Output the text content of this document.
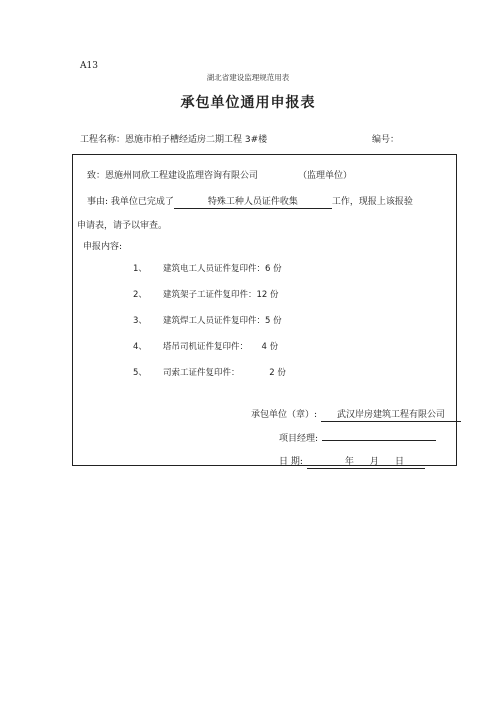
A13
湖北省建设监理规范用表
承包单位通用申报表
工程名称：恩施市柏子槽经适房二期工程 3#楼	编号：
致：恩施州同欣工程建设监理咨询有限公司	（监理单位）
事由: 我单位已完成了	特殊工种人员证件收集	工作，现报上该报验
申请表，请予以审查。
申报内容:
1、 建筑电工人员证件复印件：6 份
2、 建筑架子工证件复印件：12 份
3、 建筑焊工人员证件复印件：5 份
4、 塔吊司机证件复印件：     4 份
5、 司索工证件复印件：           2 份
承包单位（章）: 武汉岸房建筑工程有限公司
项目经理:
日 期:	年 月 日
